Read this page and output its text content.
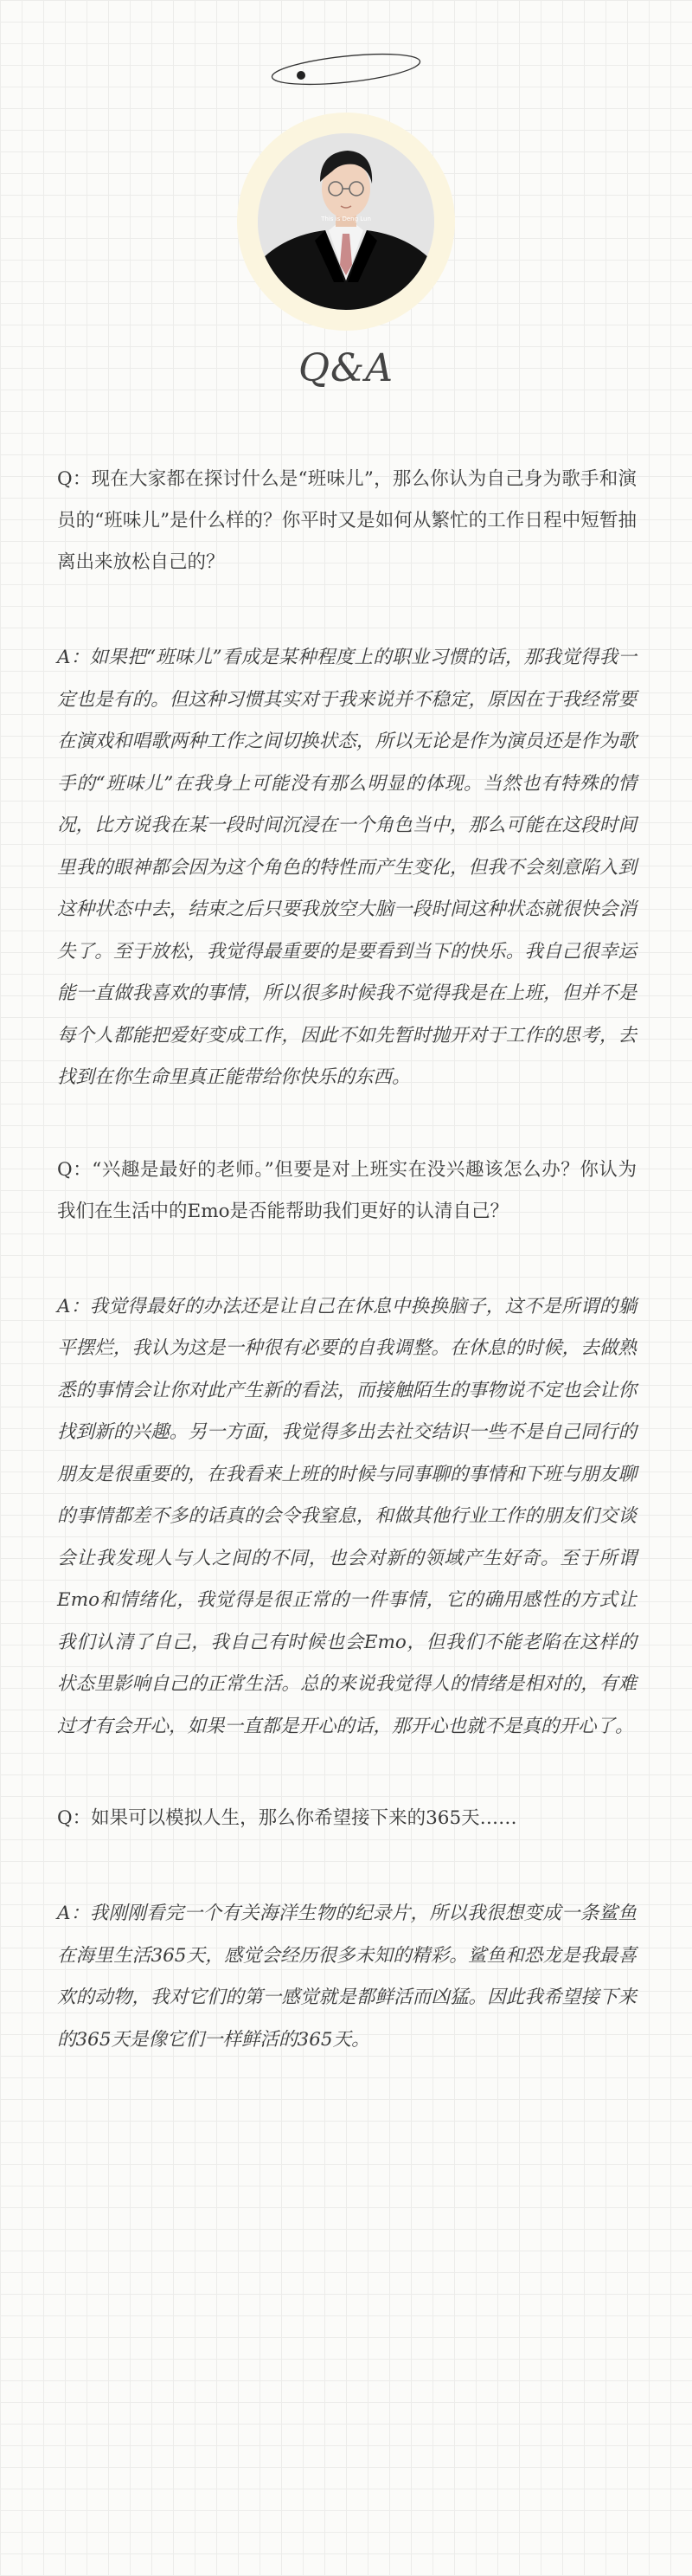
This is Deng Lun
Q&A

Q：现在大家都在探讨什么是“班味儿”，那么你认为自己身为歌手和演员的“班味儿”是什么样的？你平时又是如何从繁忙的工作日程中短暂抽离出来放松自己的？

A：如果把“班味儿”看成是某种程度上的职业习惯的话，那我觉得我一定也是有的。但这种习惯其实对于我来说并不稳定，原因在于我经常要在演戏和唱歌两种工作之间切换状态，所以无论是作为演员还是作为歌手的“班味儿”在我身上可能没有那么明显的体现。当然也有特殊的情况，比方说我在某一段时间沉浸在一个角色当中，那么可能在这段时间里我的眼神都会因为这个角色的特性而产生变化，但我不会刻意陷入到这种状态中去，结束之后只要我放空大脑一段时间这种状态就很快会消失了。至于放松，我觉得最重要的是要看到当下的快乐。我自己很幸运能一直做我喜欢的事情，所以很多时候我不觉得我是在上班，但并不是每个人都能把爱好变成工作，因此不如先暂时抛开对于工作的思考，去找到在你生命里真正能带给你快乐的东西。

Q：“兴趣是最好的老师。”但要是对上班实在没兴趣该怎么办？你认为我们在生活中的Emo是否能帮助我们更好的认清自己？

A：我觉得最好的办法还是让自己在休息中换换脑子，这不是所谓的躺平摆烂，我认为这是一种很有必要的自我调整。在休息的时候，去做熟悉的事情会让你对此产生新的看法，而接触陌生的事物说不定也会让你找到新的兴趣。另一方面，我觉得多出去社交结识一些不是自己同行的朋友是很重要的，在我看来上班的时候与同事聊的事情和下班与朋友聊的事情都差不多的话真的会令我窒息，和做其他行业工作的朋友们交谈会让我发现人与人之间的不同，也会对新的领域产生好奇。至于所谓Emo和情绪化，我觉得是很正常的一件事情，它的确用感性的方式让我们认清了自己，我自己有时候也会Emo，但我们不能老陷在这样的状态里影响自己的正常生活。总的来说我觉得人的情绪是相对的，有难过才有会开心，如果一直都是开心的话，那开心也就不是真的开心了。

Q：如果可以模拟人生，那么你希望接下来的365天……

A：我刚刚看完一个有关海洋生物的纪录片，所以我很想变成一条鲨鱼在海里生活365天，感觉会经历很多未知的精彩。鲨鱼和恐龙是我最喜欢的动物，我对它们的第一感觉就是都鲜活而凶猛。因此我希望接下来的365天是像它们一样鲜活的365天。
